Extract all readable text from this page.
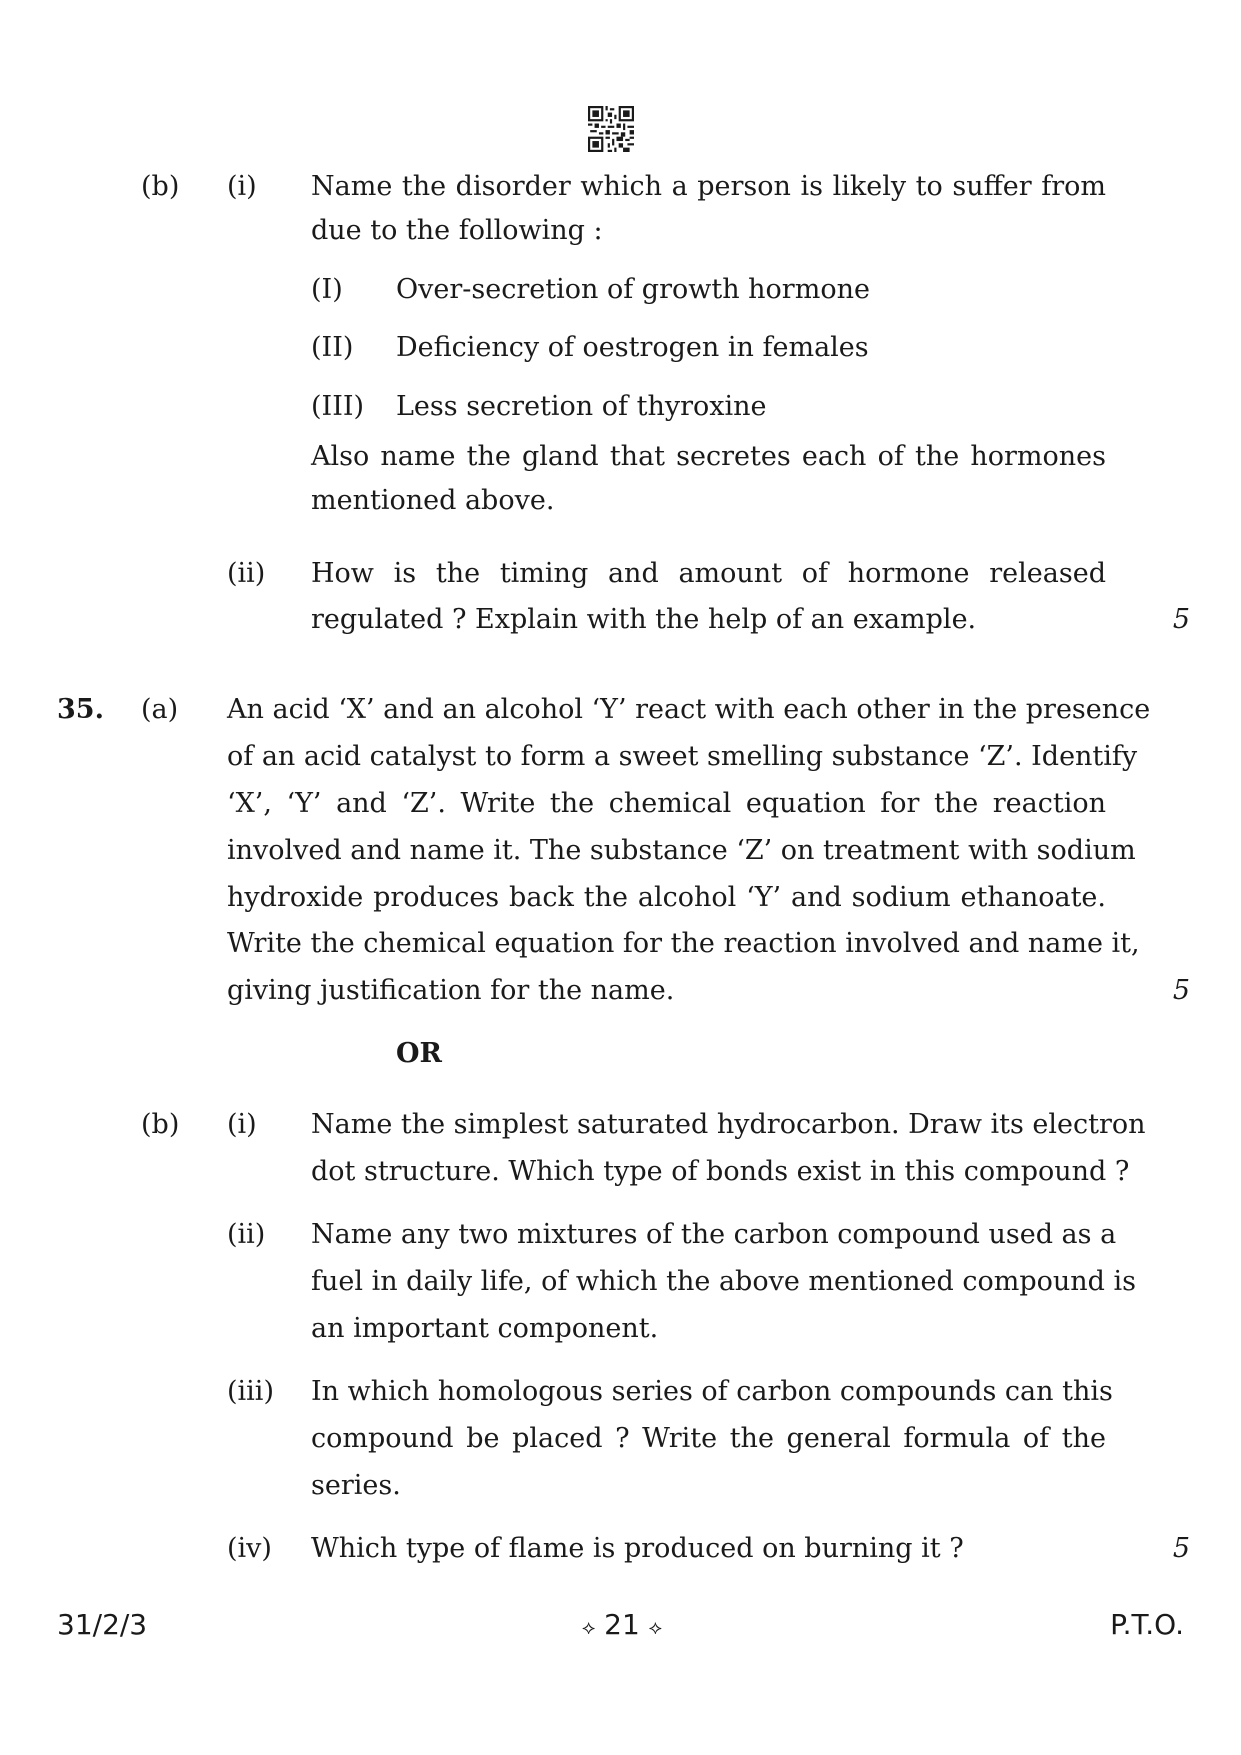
(b) (i) Name the disorder which a person is likely to suffer from
due to the following :
(I) Over-secretion of growth hormone
(II) Deficiency of oestrogen in females
(III) Less secretion of thyroxine
Also name the gland that secretes each of the hormones
mentioned above.
(ii) How is the timing and amount of hormone released
regulated ? Explain with the help of an example.	5
35. (a) An acid ‘X’ and an alcohol ‘Y’ react with each other in the presence
of an acid catalyst to form a sweet smelling substance ‘Z’. Identify
‘X’, ‘Y’ and ‘Z’. Write the chemical equation for the reaction
involved and name it. The substance ‘Z’ on treatment with sodium
hydroxide produces back the alcohol ‘Y’ and sodium ethanoate.
Write the chemical equation for the reaction involved and name it,
giving justification for the name.	5
OR
(b) (i) Name the simplest saturated hydrocarbon. Draw its electron
dot structure. Which type of bonds exist in this compound ?
(ii) Name any two mixtures of the carbon compound used as a
fuel in daily life, of which the above mentioned compound is
an important component.
(iii) In which homologous series of carbon compounds can this
compound be placed ? Write the general formula of the
series.
(iv) Which type of flame is produced on burning it ?	5
31/2/3	⟡ 21 ⟡	P.T.O.
